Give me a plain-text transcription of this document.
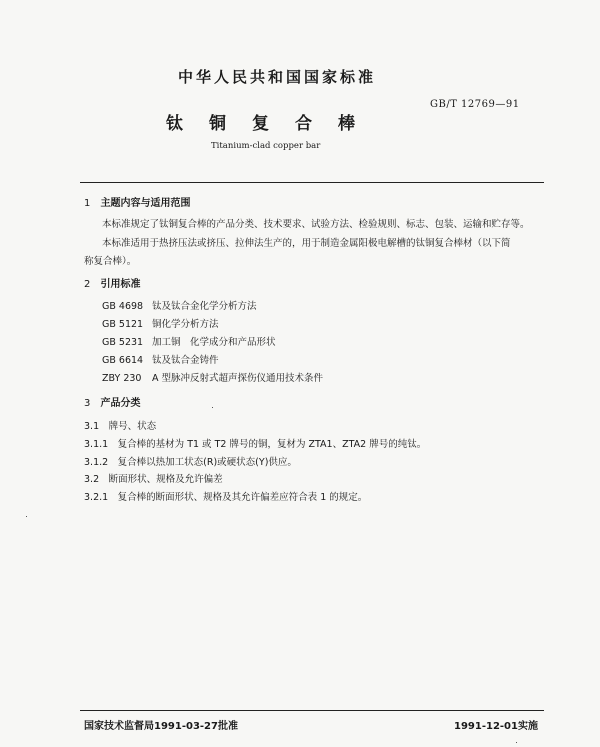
中华人民共和国国家标准
GB/T 12769—91
钛铜复合棒
Titanium-clad copper bar
1 主题内容与适用范围
本标准规定了钛铜复合棒的产品分类、技术要求、试验方法、检验规则、标志、包装、运输和贮存等。
本标准适用于热挤压法或挤压、拉伸法生产的，用于制造金属阳极电解槽的钛铜复合棒材（以下简
称复合棒）。
2 引用标准
GB 4698 钛及钛合金化学分析方法
GB 5121 铜化学分析方法
GB 5231 加工铜　化学成分和产品形状
GB 6614 钛及钛合金铸件
ZBY 230 A 型脉冲反射式超声探伤仪通用技术条件
3 产品分类
3.1　牌号、状态
3.1.1　复合棒的基材为 T1 或 T2 牌号的铜，复材为 ZTA1、ZTA2 牌号的纯钛。
3.1.2　复合棒以热加工状态(R)或硬状态(Y)供应。
3.2　断面形状、规格及允许偏差
3.2.1　复合棒的断面形状、规格及其允许偏差应符合表 1 的规定。
国家技术监督局1991-03-27批准	1991-12-01实施
